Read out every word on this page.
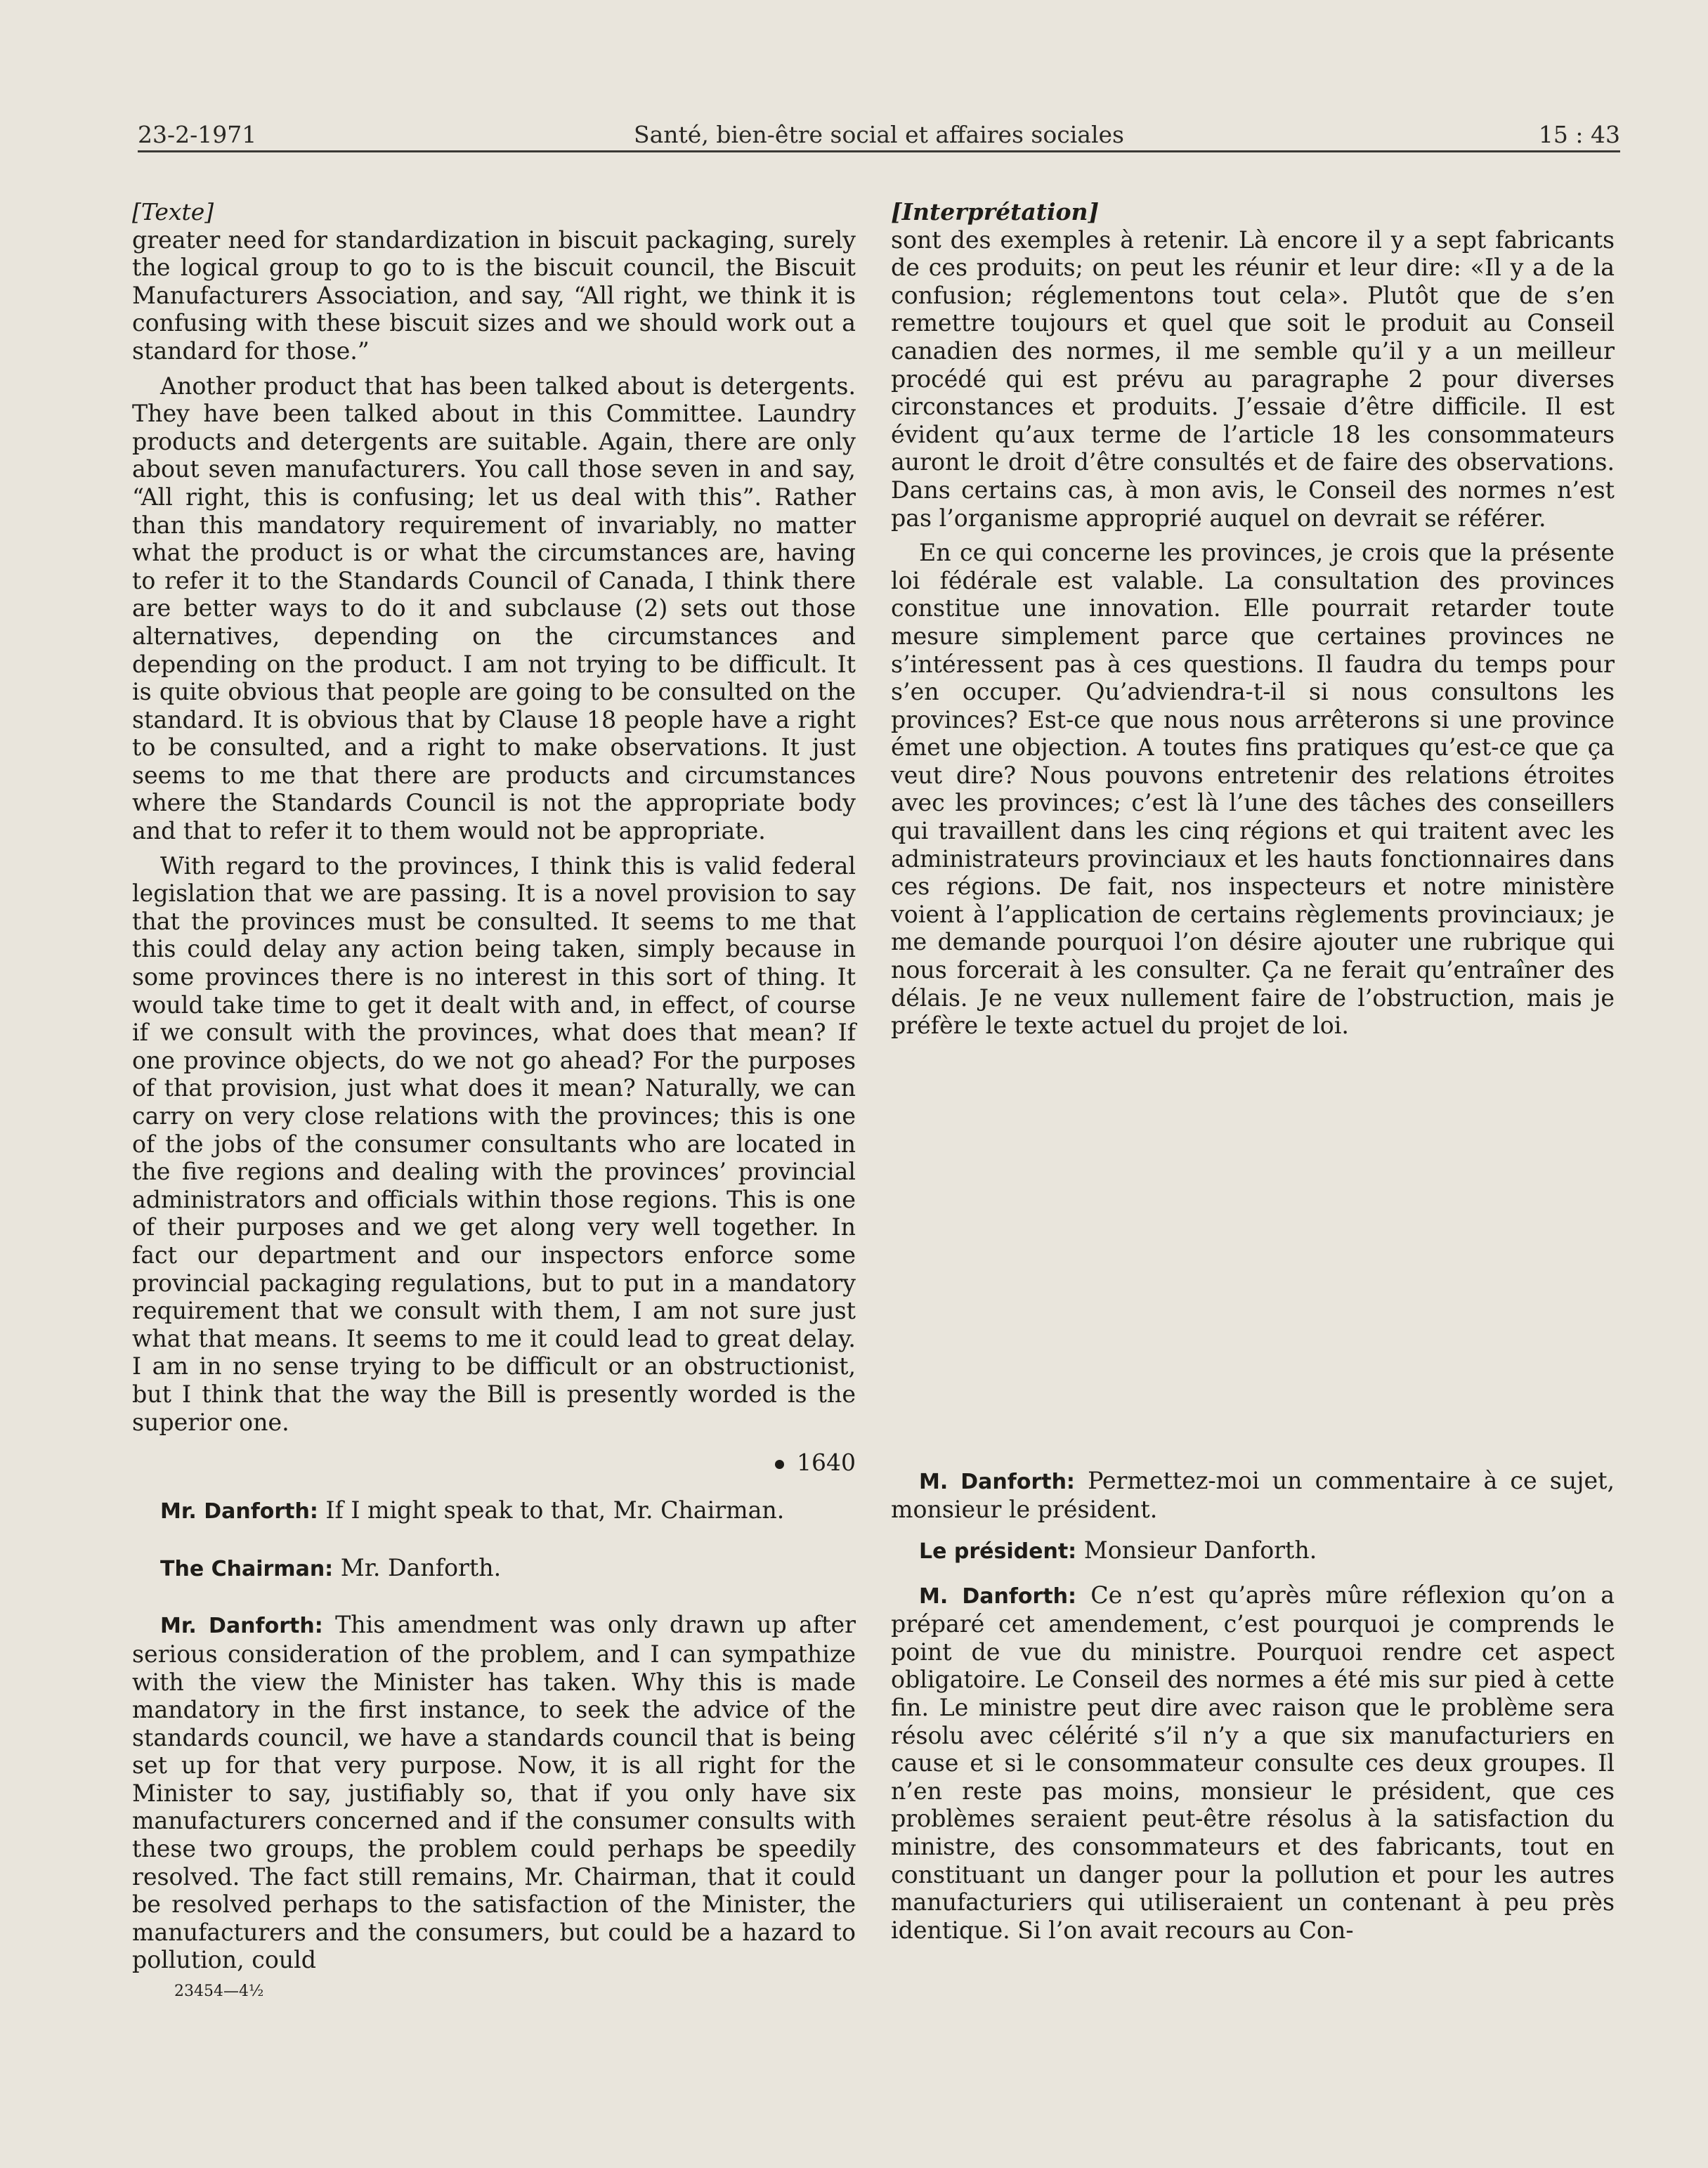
23-2-1971	Santé, bien-être social et affaires sociales	15 : 43
[Texte]

greater need for standardization in biscuit packaging, surely the logical group to go to is the biscuit council, the Biscuit Manufacturers Association, and say, “All right, we think it is confusing with these biscuit sizes and we should work out a standard for those.”

Another product that has been talked about is detergents. They have been talked about in this Committee. Laundry products and detergents are suitable. Again, there are only about seven manufacturers. You call those seven in and say, “All right, this is confusing; let us deal with this”. Rather than this mandatory requirement of invariably, no matter what the product is or what the circumstances are, having to refer it to the Standards Council of Canada, I think there are better ways to do it and subclause (2) sets out those alternatives, depending on the circumstances and depending on the product. I am not trying to be difficult. It is quite obvious that people are going to be consulted on the standard. It is obvious that by Clause 18 people have a right to be consulted, and a right to make observations. It just seems to me that there are products and circumstances where the Standards Council is not the appropriate body and that to refer it to them would not be appropriate.

With regard to the provinces, I think this is valid federal legislation that we are passing. It is a novel provision to say that the provinces must be consulted. It seems to me that this could delay any action being taken, simply because in some provinces there is no interest in this sort of thing. It would take time to get it dealt with and, in effect, of course if we consult with the provinces, what does that mean? If one province objects, do we not go ahead? For the purposes of that provision, just what does it mean? Naturally, we can carry on very close relations with the provinces; this is one of the jobs of the consumer consultants who are located in the five regions and dealing with the provinces’ provincial administrators and officials within those regions. This is one of their purposes and we get along very well together. In fact our department and our inspectors enforce some provincial packaging regulations, but to put in a mandatory requirement that we consult with them, I am not sure just what that means. It seems to me it could lead to great delay. I am in no sense trying to be difficult or an obstructionist, but I think that the way the Bill is presently worded is the superior one.

1640

Mr. Danforth: If I might speak to that, Mr. Chairman.

The Chairman: Mr. Danforth.

Mr. Danforth: This amendment was only drawn up after serious consideration of the problem, and I can sympathize with the view the Minister has taken. Why this is made mandatory in the first instance, to seek the advice of the standards council, we have a standards council that is being set up for that very purpose. Now, it is all right for the Minister to say, justifiably so, that if you only have six manufacturers concerned and if the consumer consults with these two groups, the problem could perhaps be speedily resolved. The fact still remains, Mr. Chairman, that it could be resolved perhaps to the satisfaction of the Minister, the manufacturers and the consumers, but could be a hazard to pollution, could

23454—4½
[Interprétation]

sont des exemples à retenir. Là encore il y a sept fabricants de ces produits; on peut les réunir et leur dire: «Il y a de la confusion; réglementons tout cela». Plutôt que de s’en remettre toujours et quel que soit le produit au Conseil canadien des normes, il me semble qu’il y a un meilleur procédé qui est prévu au paragraphe 2 pour diverses circonstances et produits. J’essaie d’être difficile. Il est évident qu’aux terme de l’article 18 les consommateurs auront le droit d’être consultés et de faire des observations. Dans certains cas, à mon avis, le Conseil des normes n’est pas l’organisme approprié auquel on devrait se référer.

En ce qui concerne les provinces, je crois que la présente loi fédérale est valable. La consultation des provinces constitue une innovation. Elle pourrait retarder toute mesure simplement parce que certaines provinces ne s’intéressent pas à ces questions. Il faudra du temps pour s’en occuper. Qu’adviendra-t-il si nous consultons les provinces? Est-ce que nous nous arrêterons si une province émet une objection. A toutes fins pratiques qu’est-ce que ça veut dire? Nous pouvons entretenir des relations étroites avec les provinces; c’est là l’une des tâches des conseillers qui travaillent dans les cinq régions et qui traitent avec les administrateurs provinciaux et les hauts fonctionnaires dans ces régions. De fait, nos inspecteurs et notre ministère voient à l’application de certains règlements provinciaux; je me demande pourquoi l’on désire ajouter une rubrique qui nous forcerait à les consulter. Ça ne ferait qu’entraîner des délais. Je ne veux nullement faire de l’obstruction, mais je préfère le texte actuel du projet de loi.

M. Danforth: Permettez-moi un commentaire à ce sujet, monsieur le président.

Le président: Monsieur Danforth.

M. Danforth: Ce n’est qu’après mûre réflexion qu’on a préparé cet amendement, c’est pourquoi je comprends le point de vue du ministre. Pourquoi rendre cet aspect obligatoire. Le Conseil des normes a été mis sur pied à cette fin. Le ministre peut dire avec raison que le problème sera résolu avec célérité s’il n’y a que six manufacturiers en cause et si le consommateur consulte ces deux groupes. Il n’en reste pas moins, monsieur le président, que ces problèmes seraient peut-être résolus à la satisfaction du ministre, des consommateurs et des fabricants, tout en constituant un danger pour la pollution et pour les autres manufacturiers qui utiliseraient un contenant à peu près identique. Si l’on avait recours au Con-
